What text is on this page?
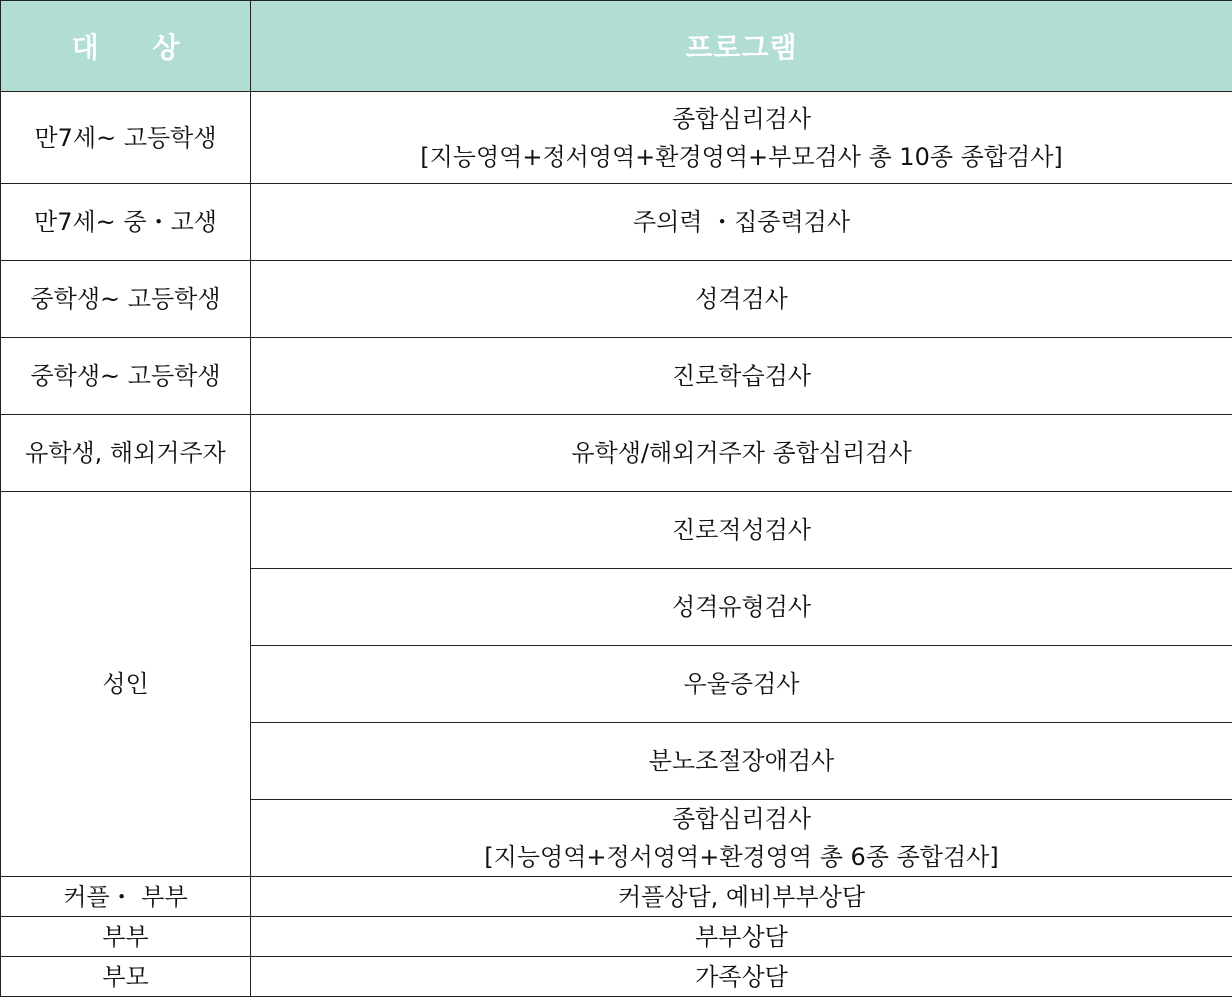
대 상	프로그램
만7세~ 고등학생	종합심리검사
[지능영역+정서영역+환경영역+부모검사 총 10종 종합검사]

만7세~ 중・고생	주의력 ・집중력검사
중학생~ 고등학생	성격검사
중학생~ 고등학생	진로학습검사
유학생, 해외거주자	유학생/해외거주자 종합심리검사
성인	진로적성검사
	성격유형검사
	우울증검사
	분노조절장애검사

	종합심리검사
[지능영역+정서영역+환경영역 총 6종 종합검사]

커플・ 부부	커플상담, 예비부부상담
부부	부부상담
부모	가족상담
